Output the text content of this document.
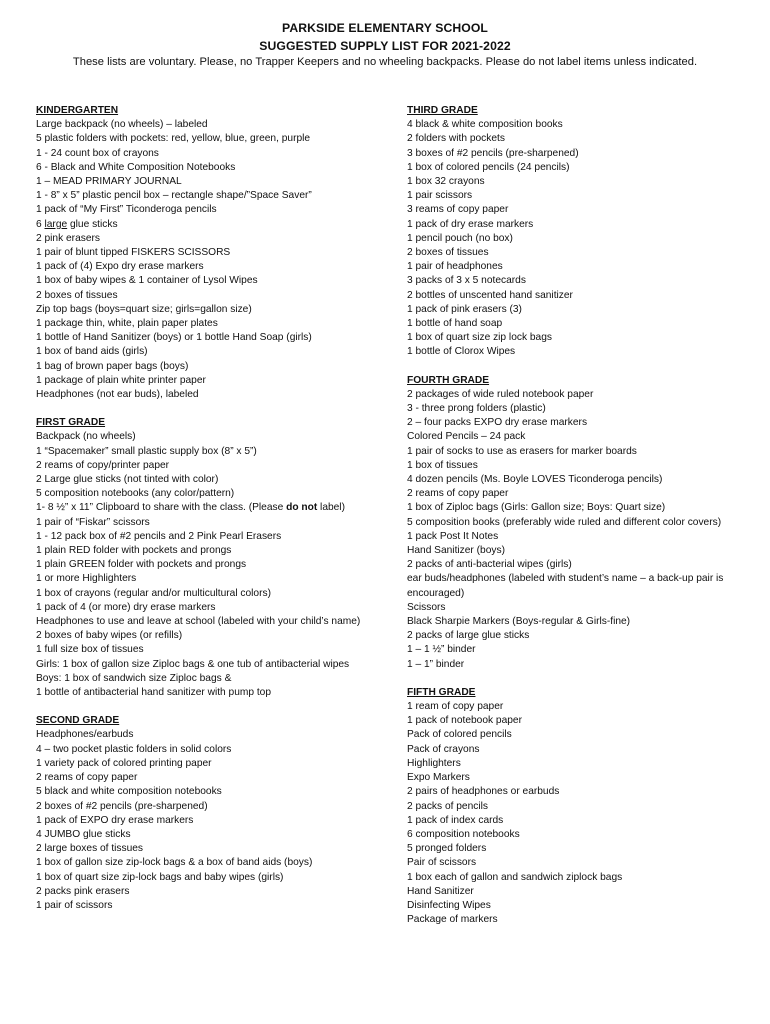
PARKSIDE ELEMENTARY SCHOOL
SUGGESTED SUPPLY LIST FOR 2021-2022
These lists are voluntary. Please, no Trapper Keepers and no wheeling backpacks. Please do not label items unless indicated.
KINDERGARTEN
Large backpack (no wheels) – labeled
5 plastic folders with pockets: red, yellow, blue, green, purple
1 - 24 count box of crayons
6 - Black and White Composition Notebooks
1 – MEAD PRIMARY JOURNAL
1 - 8” x 5” plastic pencil box – rectangle shape/”Space Saver”
1 pack of “My First” Ticonderoga pencils
6 large glue sticks
2 pink erasers
1 pair of blunt tipped FISKERS SCISSORS
1 pack of (4) Expo dry erase markers
1 box of baby wipes & 1 container of Lysol Wipes
2 boxes of tissues
Zip top bags (boys=quart size; girls=gallon size)
1 package thin, white, plain paper plates
1 bottle of Hand Sanitizer (boys) or 1 bottle Hand Soap (girls)
1 box of band aids (girls)
1 bag of brown paper bags (boys)
1 package of plain white printer paper
Headphones (not ear buds), labeled
FIRST GRADE
Backpack (no wheels)
1 “Spacemaker” small plastic supply box (8” x 5”)
2 reams of copy/printer paper
2 Large glue sticks (not tinted with color)
5 composition notebooks (any color/pattern)
1- 8 ½” x 11” Clipboard to share with the class. (Please do not label)
1 pair of “Fiskar” scissors
1 - 12 pack box of #2 pencils and 2 Pink Pearl Erasers
1 plain RED folder with pockets and prongs
1 plain GREEN folder with pockets and prongs
1 or more Highlighters
1 box of crayons (regular and/or multicultural colors)
1 pack of 4 (or more) dry erase markers
Headphones to use and leave at school (labeled with your child’s name)
2 boxes of baby wipes (or refills)
1 full size box of tissues
Girls: 1 box of gallon size Ziploc bags & one tub of antibacterial wipes
Boys: 1 box of sandwich size Ziploc bags &
1 bottle of antibacterial hand sanitizer with pump top
SECOND GRADE
Headphones/earbuds
4 – two pocket plastic folders in solid colors
1 variety pack of colored printing paper
2 reams of copy paper
5 black and white composition notebooks
2 boxes of #2 pencils (pre-sharpened)
1 pack of EXPO dry erase markers
4 JUMBO glue sticks
2 large boxes of tissues
1 box of gallon size zip-lock bags & a box of band aids (boys)
1 box of quart size zip-lock bags and baby wipes (girls)
2 packs pink erasers
1 pair of scissors
THIRD GRADE
4 black & white composition books
2 folders with pockets
3 boxes of #2 pencils (pre-sharpened)
1 box of colored pencils (24 pencils)
1 box 32 crayons
1 pair scissors
3 reams of copy paper
1 pack of dry erase markers
1 pencil pouch (no box)
2 boxes of tissues
1 pair of headphones
3 packs of 3 x 5 notecards
2 bottles of unscented hand sanitizer
1 pack of pink erasers (3)
1 bottle of hand soap
1 box of quart size zip lock bags
1 bottle of Clorox Wipes
FOURTH GRADE
2 packages of wide ruled notebook paper
3 - three prong folders (plastic)
2 – four packs EXPO dry erase markers
Colored Pencils – 24 pack
1 pair of socks to use as erasers for marker boards
1 box of tissues
4 dozen pencils (Ms. Boyle LOVES Ticonderoga pencils)
2 reams of copy paper
1 box of Ziploc bags (Girls: Gallon size; Boys: Quart size)
5 composition books (preferably wide ruled and different color covers)
1 pack Post It Notes
Hand Sanitizer (boys)
2 packs of anti-bacterial wipes (girls)
ear buds/headphones (labeled with student’s name – a back-up pair is encouraged)
Scissors
Black Sharpie Markers (Boys-regular & Girls-fine)
2 packs of large glue sticks
1 – 1 ½” binder
1 – 1” binder
FIFTH GRADE
1 ream of copy paper
1 pack of notebook paper
Pack of colored pencils
Pack of crayons
Highlighters
Expo Markers
2 pairs of headphones or earbuds
2 packs of pencils
1 pack of index cards
6 composition notebooks
5 pronged folders
Pair of scissors
1 box each of gallon and sandwich ziplock bags
Hand Sanitizer
Disinfecting Wipes
Package of markers
